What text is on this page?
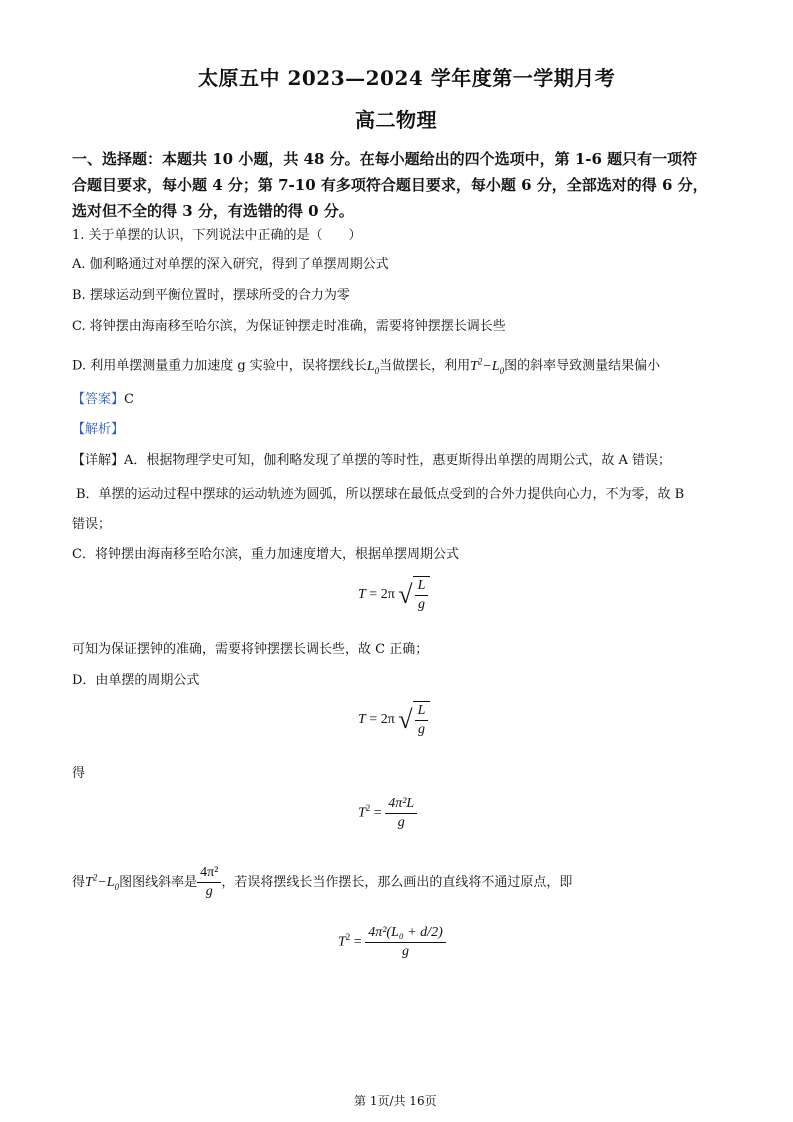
太原五中 2023—2024 学年度第一学期月考
高二物理
一、选择题：本题共 10 小题，共 48 分。在每小题给出的四个选项中，第 1-6 题只有一项符
合题目要求，每小题 4 分；第 7-10 有多项符合题目要求，每小题 6 分，全部选对的得 6 分，
选对但不全的得 3 分，有选错的得 0 分。
1. 关于单摆的认识，下列说法中正确的是（　　）
A. 伽利略通过对单摆的深入研究，得到了单摆周期公式
B. 摆球运动到平衡位置时，摆球所受的合力为零
C. 将钟摆由海南移至哈尔滨，为保证钟摆走时准确，需要将钟摆摆长调长些
D. 利用单摆测量重力加速度 g 实验中，误将摆线长$L_0$当做摆长，利用$T^2-L_0$图的斜率导致测量结果偏小
【答案】C
【解析】
【详解】A．根据物理学史可知，伽利略发现了单摆的等时性，惠更斯得出单摆的周期公式，故 A 错误；
B．单摆的运动过程中摆球的运动轨迹为圆弧，所以摆球在最低点受到的合外力提供向心力，不为零，故 B
错误；
C．将钟摆由海南移至哈尔滨，重力加速度增大，根据单摆周期公式
T = 2π √ $\frac{L}{g}$
可知为保证摆钟的准确，需要将钟摆摆长调长些，故 C 正确；
D．由单摆的周期公式
T = 2π √ $\frac{L}{g}$
得
$T^2 = \frac{\text{4π²L}}{g}$
得$T^2-L_0$图图线斜率是 $\frac{\text{4π²}}{g}$ ，若误将摆线长当作摆长，那么画出的直线将不通过原点，即
$T^2 = \frac{\text{4π²(L₀ + d/2)}}{g}$
第 1页/共 16页
